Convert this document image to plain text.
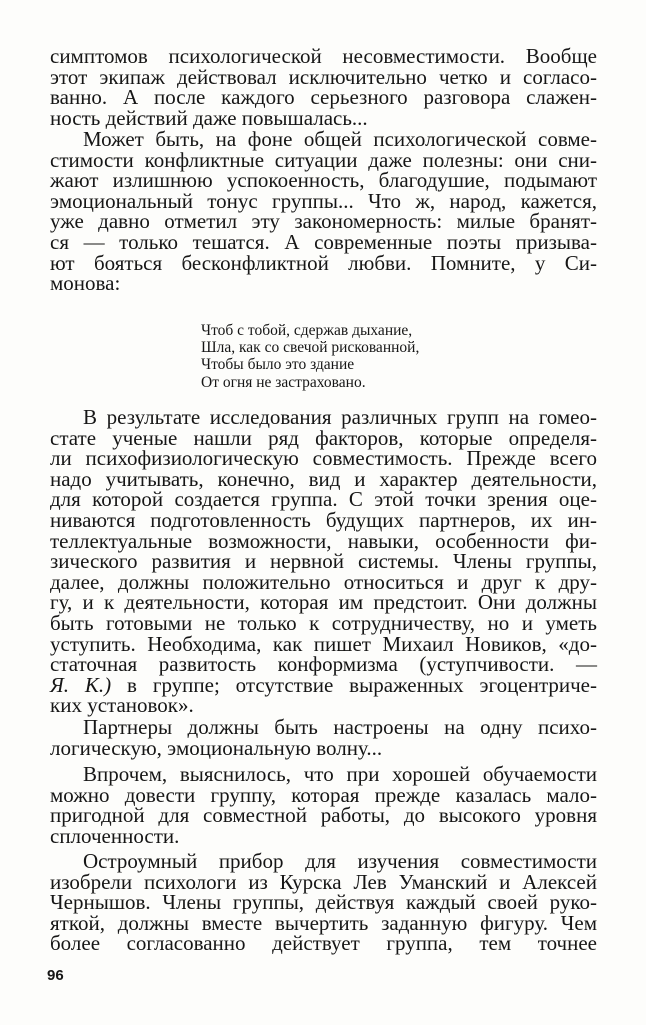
симптомов психологической несовместимости. Вообще
этот экипаж действовал исключительно четко и согласо-
ванно. А после каждого серьезного разговора слажен-
ность действий даже повышалась...
Может быть, на фоне общей психологической совме-
стимости конфликтные ситуации даже полезны: они сни-
жают излишнюю успокоенность, благодушие, подымают
эмоциональный тонус группы... Что ж, народ, кажется,
уже давно отметил эту закономерность: милые бранят-
ся — только тешатся. А современные поэты призыва-
ют бояться бесконфликтной любви. Помните, у Си-
монова:
Чтоб с тобой, сдержав дыхание,
Шла, как со свечой рискованной,
Чтобы было это здание
От огня не застраховано.
В результате исследования различных групп на гомео-
стате ученые нашли ряд факторов, которые определя-
ли психофизиологическую совместимость. Прежде всего
надо учитывать, конечно, вид и характер деятельности,
для которой создается группа. С этой точки зрения оце-
ниваются подготовленность будущих партнеров, их ин-
теллектуальные возможности, навыки, особенности фи-
зического развития и нервной системы. Члены группы,
далее, должны положительно относиться и друг к дру-
гу, и к деятельности, которая им предстоит. Они должны
быть готовыми не только к сотрудничеству, но и уметь
уступить. Необходима, как пишет Михаил Новиков, «до-
статочная развитость конформизма (уступчивости. —
Я. К.) в группе; отсутствие выраженных эгоцентриче-
ких установок».
Партнеры должны быть настроены на одну психо-
логическую, эмоциональную волну...
Впрочем, выяснилось, что при хорошей обучаемости
можно довести группу, которая прежде казалась мало-
пригодной для совместной работы, до высокого уровня
сплоченности.
Остроумный прибор для изучения совместимости
изобрели психологи из Курска Лев Уманский и Алексей
Чернышов. Члены группы, действуя каждый своей руко-
яткой, должны вместе вычертить заданную фигуру. Чем
более согласованно действует группа, тем точнее
96
